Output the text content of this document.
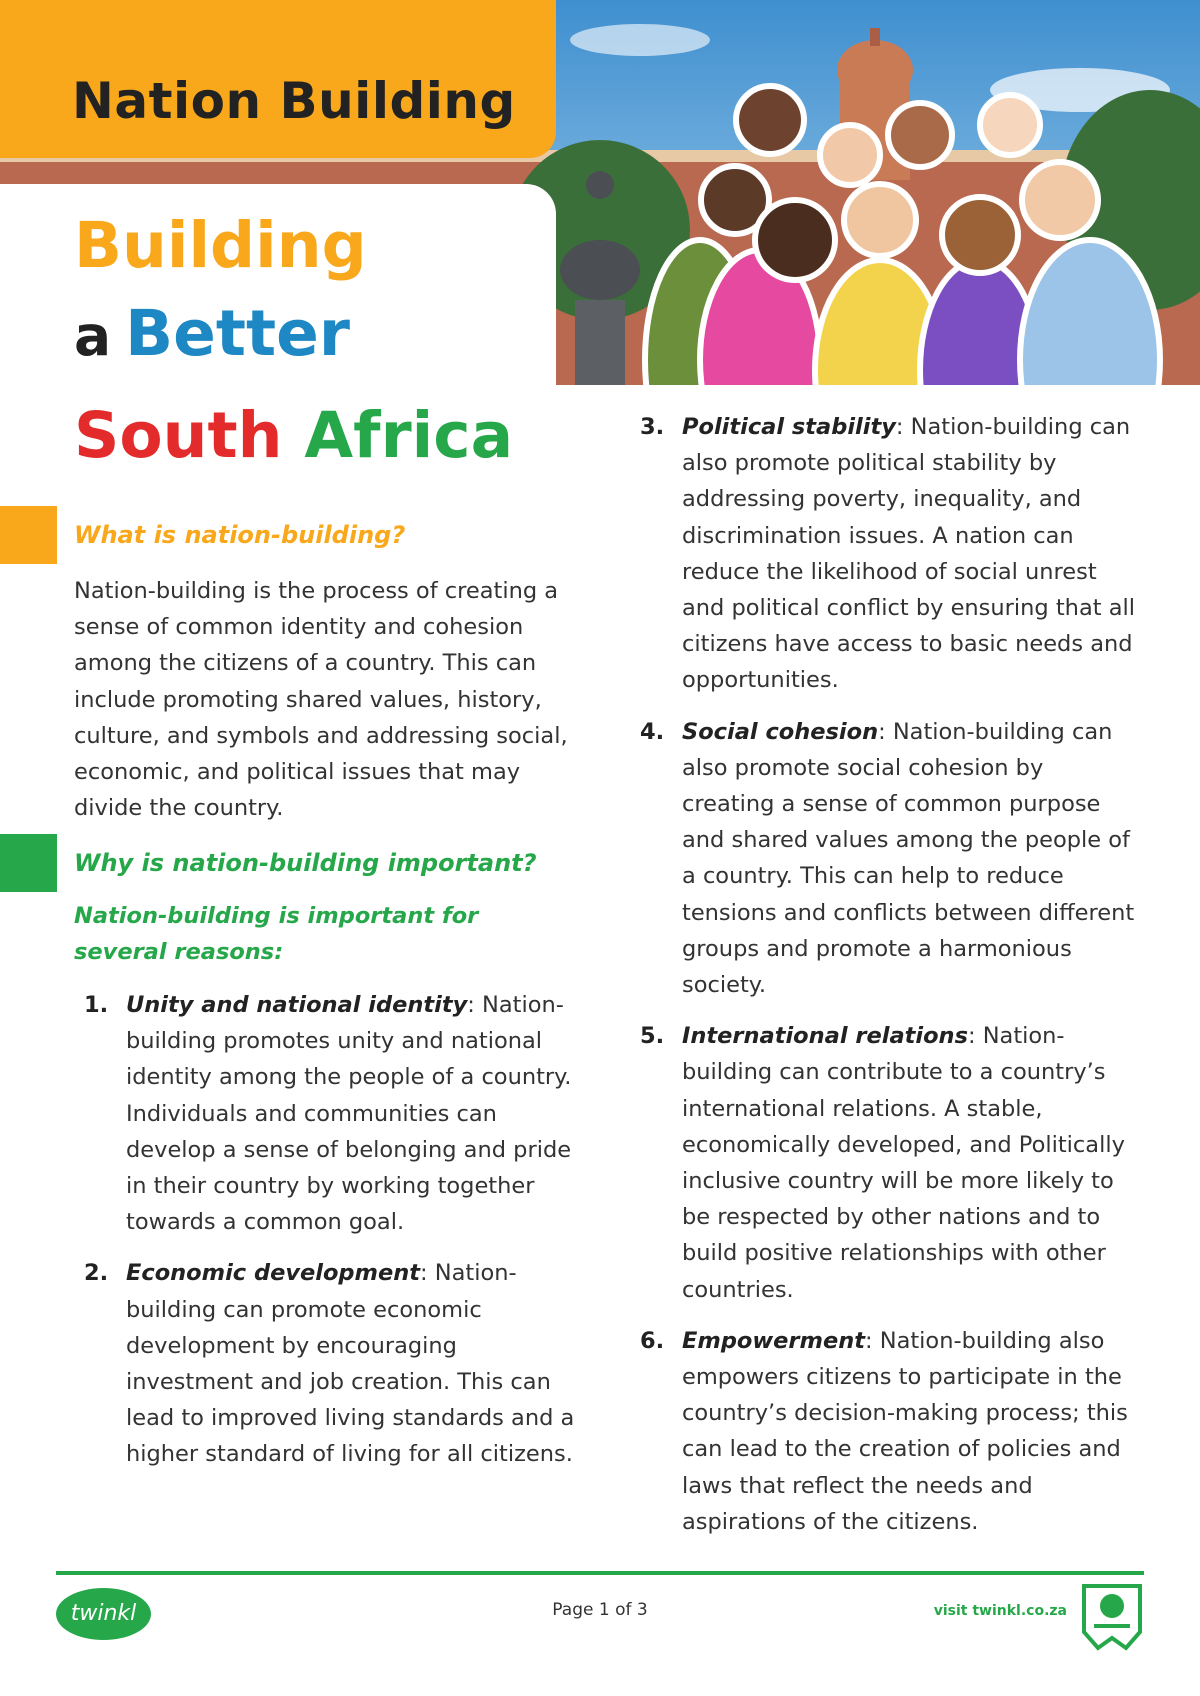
Nation Building
Building
a Better
South Africa
What is nation-building?

Nation-building is the process of creating a sense of common identity and cohesion among the citizens of a country. This can include promoting shared values, history, culture, and symbols and addressing social, economic, and political issues that may divide the country.

Why is nation-building important?

Nation-building is important for several reasons:

1. Unity and national identity: Nation-building promotes unity and national identity among the people of a country. Individuals and communities can develop a sense of belonging and pride in their country by working together towards a common goal.
2. Economic development: Nation-building can promote economic development by encouraging investment and job creation. This can lead to improved living standards and a higher standard of living for all citizens.
3. Political stability: Nation-building can also promote political stability by addressing poverty, inequality, and discrimination issues. A nation can reduce the likelihood of social unrest and political conflict by ensuring that all citizens have access to basic needs and opportunities.
4. Social cohesion: Nation-building can also promote social cohesion by creating a sense of common purpose and shared values among the people of a country. This can help to reduce tensions and conflicts between different groups and promote a harmonious society.
5. International relations: Nation-building can contribute to a country’s international relations. A stable, economically developed, and Politically inclusive country will be more likely to be respected by other nations and to build positive relationships with other countries.
6. Empowerment: Nation-building also empowers citizens to participate in the country’s decision-making process; this can lead to the creation of policies and laws that reflect the needs and aspirations of the citizens.
twinkl	Page 1 of 3	visit twinkl.co.za
